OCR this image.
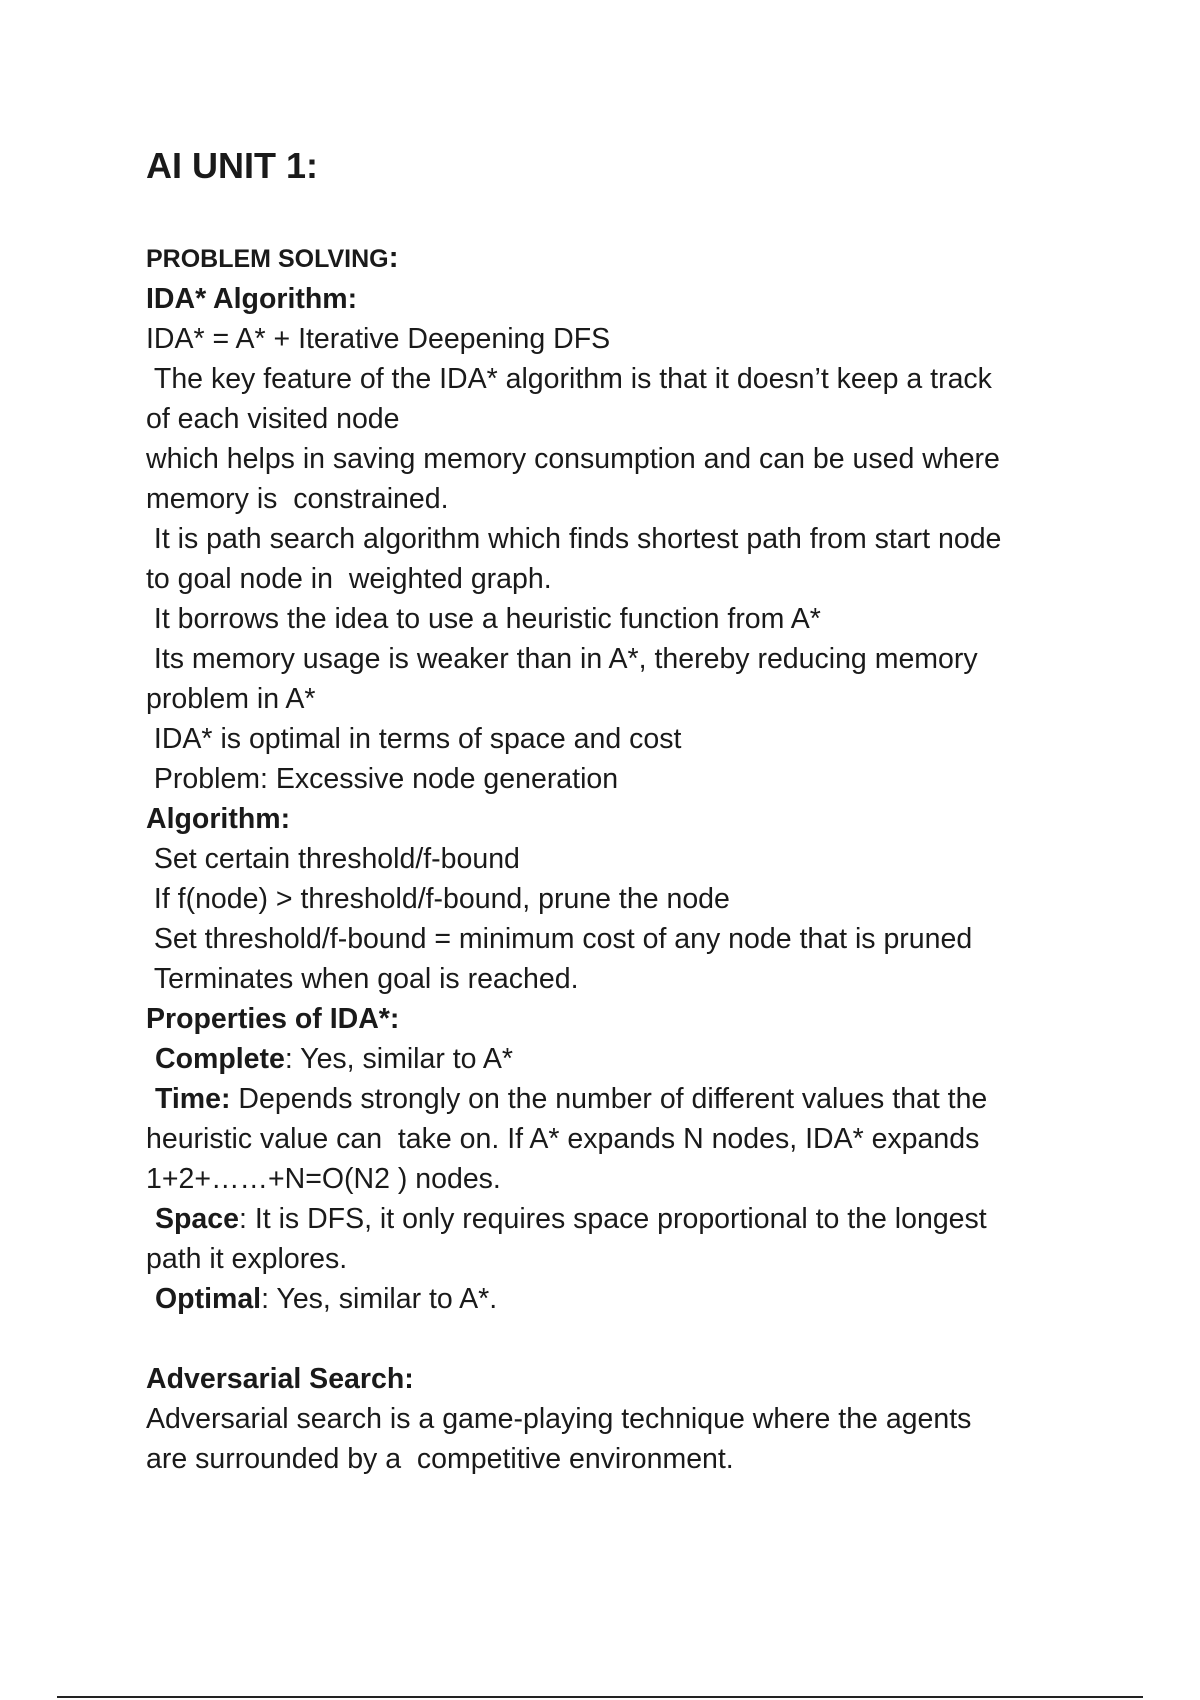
AI UNIT 1:
PROBLEM SOLVING:
IDA* Algorithm:
IDA* = A* + Iterative Deepening DFS
The key feature of the IDA* algorithm is that it doesn’t keep a track
of each visited node
which helps in saving memory consumption and can be used where
memory is  constrained.
It is path search algorithm which finds shortest path from start node
to goal node in  weighted graph.
It borrows the idea to use a heuristic function from A*
Its memory usage is weaker than in A*, thereby reducing memory
problem in A*
IDA* is optimal in terms of space and cost
Problem: Excessive node generation
Algorithm:
Set certain threshold/f-bound
If f(node) > threshold/f-bound, prune the node
Set threshold/f-bound = minimum cost of any node that is pruned
Terminates when goal is reached.
Properties of IDA*:
Complete: Yes, similar to A*
Time: Depends strongly on the number of different values that the
heuristic value can  take on. If A* expands N nodes, IDA* expands
1+2+……+N=O(N2 ) nodes.
Space: It is DFS, it only requires space proportional to the longest
path it explores.
Optimal: Yes, similar to A*.
Adversarial Search:
Adversarial search is a game-playing technique where the agents
are surrounded by a  competitive environment.
